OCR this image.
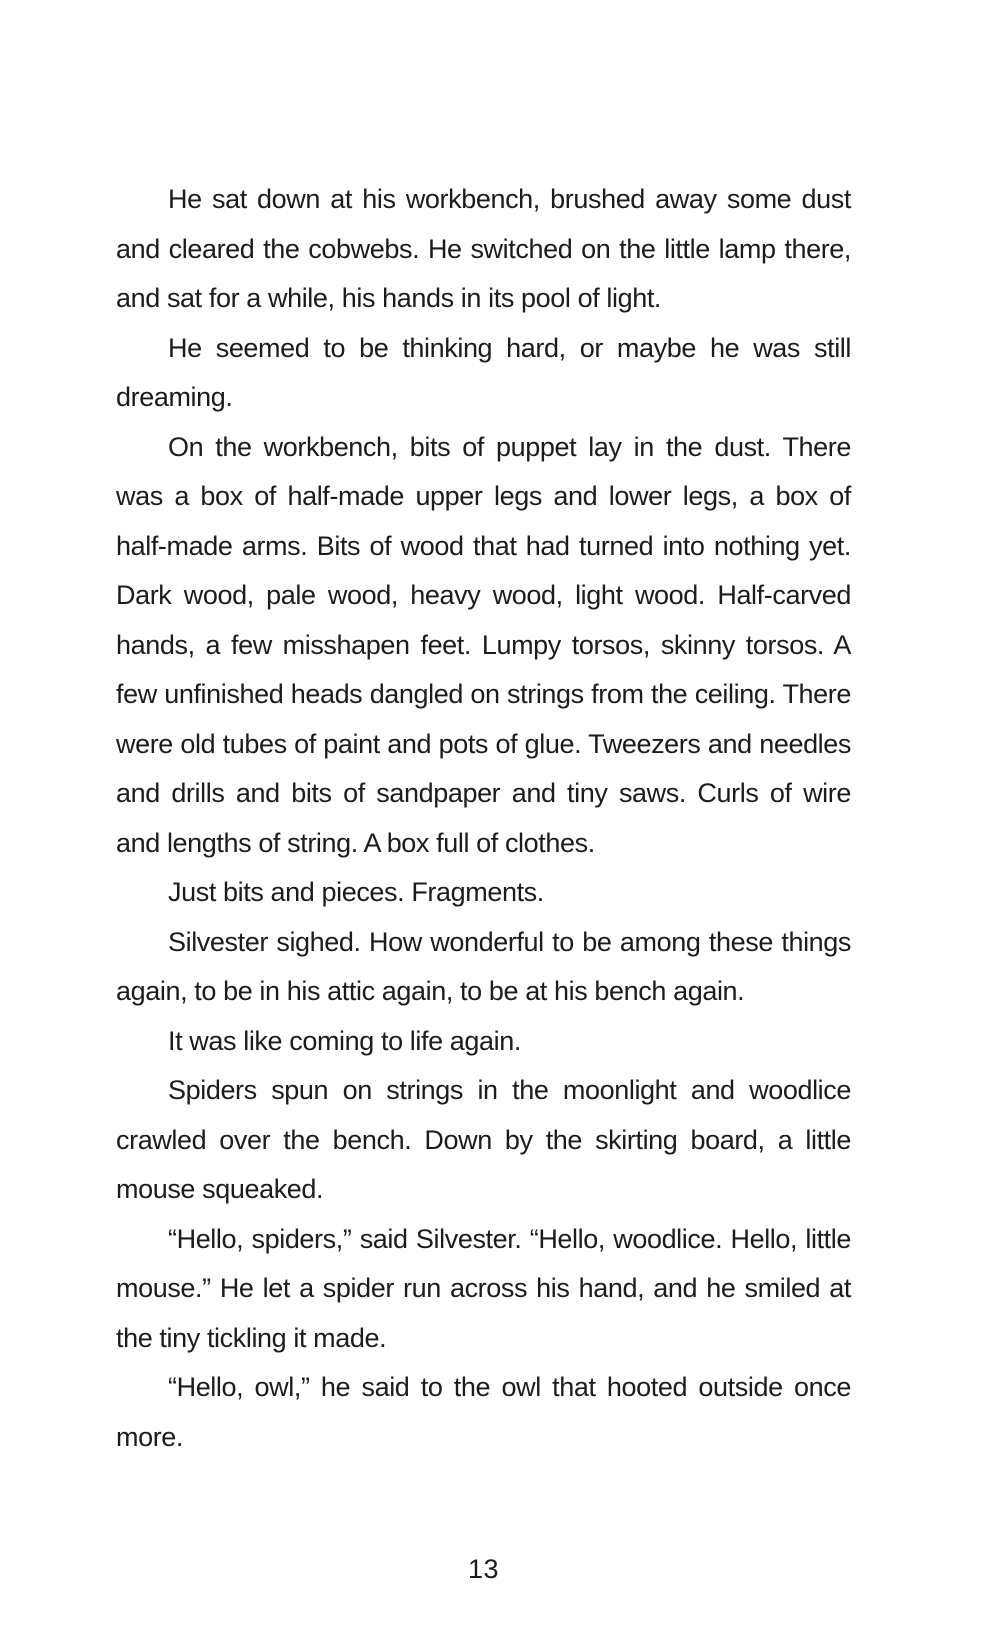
He sat down at his workbench, brushed away some dust and cleared the cobwebs. He switched on the little lamp there, and sat for a while, his hands in its pool of light.

He seemed to be thinking hard, or maybe he was still dreaming.

On the workbench, bits of puppet lay in the dust. There was a box of half-made upper legs and lower legs, a box of half-made arms. Bits of wood that had turned into nothing yet. Dark wood, pale wood, heavy wood, light wood. Half-carved hands, a few misshapen feet. Lumpy torsos, skinny torsos. A few unfinished heads dangled on strings from the ceiling. There were old tubes of paint and pots of glue. Tweezers and needles and drills and bits of sandpaper and tiny saws. Curls of wire and lengths of string. A box full of clothes.

Just bits and pieces. Fragments.

Silvester sighed. How wonderful to be among these things again, to be in his attic again, to be at his bench again.

It was like coming to life again.

Spiders spun on strings in the moonlight and woodlice crawled over the bench. Down by the skirting board, a little mouse squeaked.

“Hello, spiders,” said Silvester. “Hello, woodlice. Hello, little mouse.” He let a spider run across his hand, and he smiled at the tiny tickling it made.

“Hello, owl,” he said to the owl that hooted outside once more.

13
